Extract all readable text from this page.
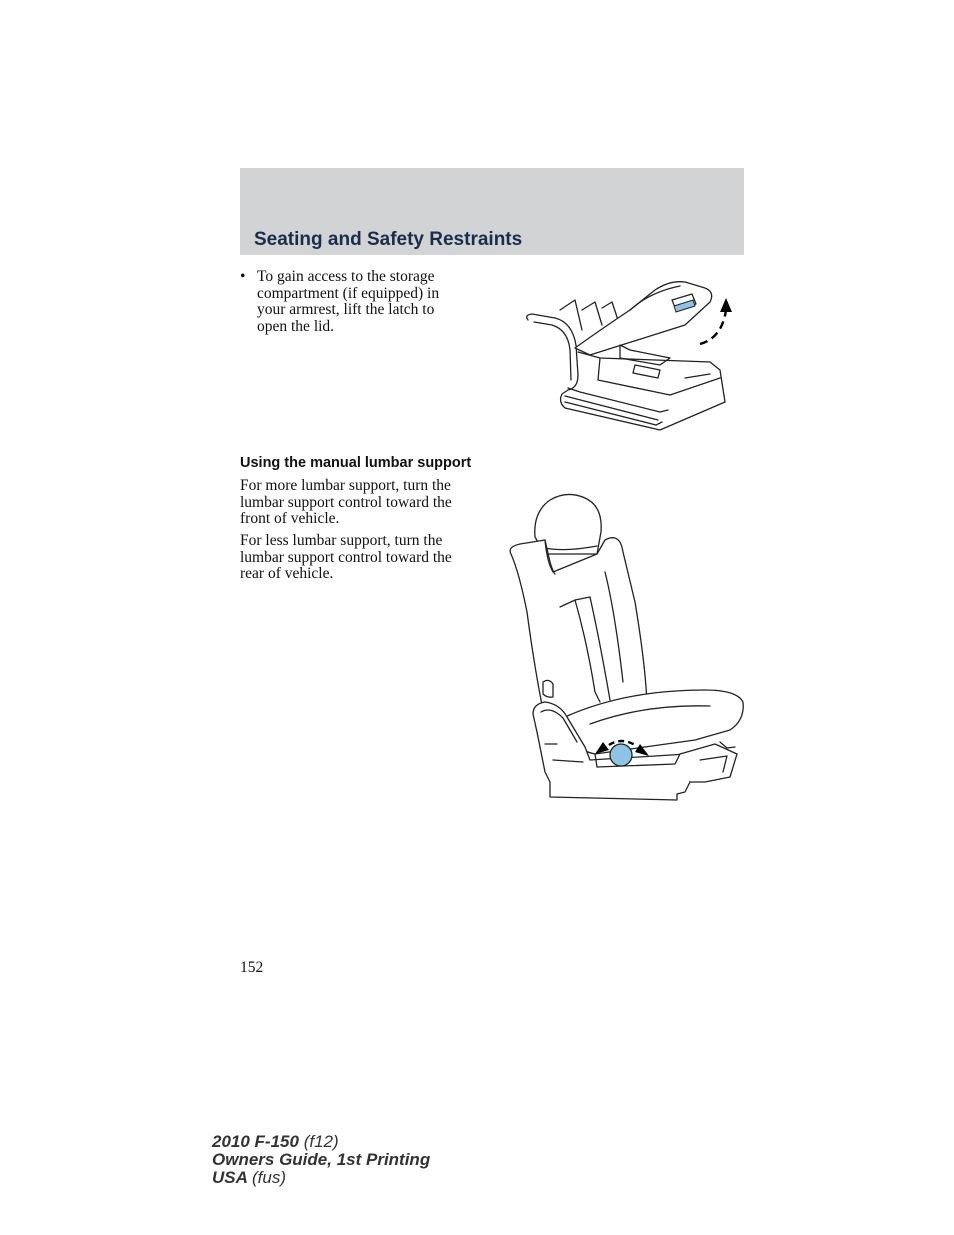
Seating and Safety Restraints
• To gain access to the storage
compartment (if equipped) in
your armrest, lift the latch to
open the lid.
Using the manual lumbar support

For more lumbar support, turn the
lumbar support control toward the
front of vehicle.

For less lumbar support, turn the
lumbar support control toward the
rear of vehicle.

152
2010 F-150 (f12)
Owners Guide, 1st Printing
USA (fus)
